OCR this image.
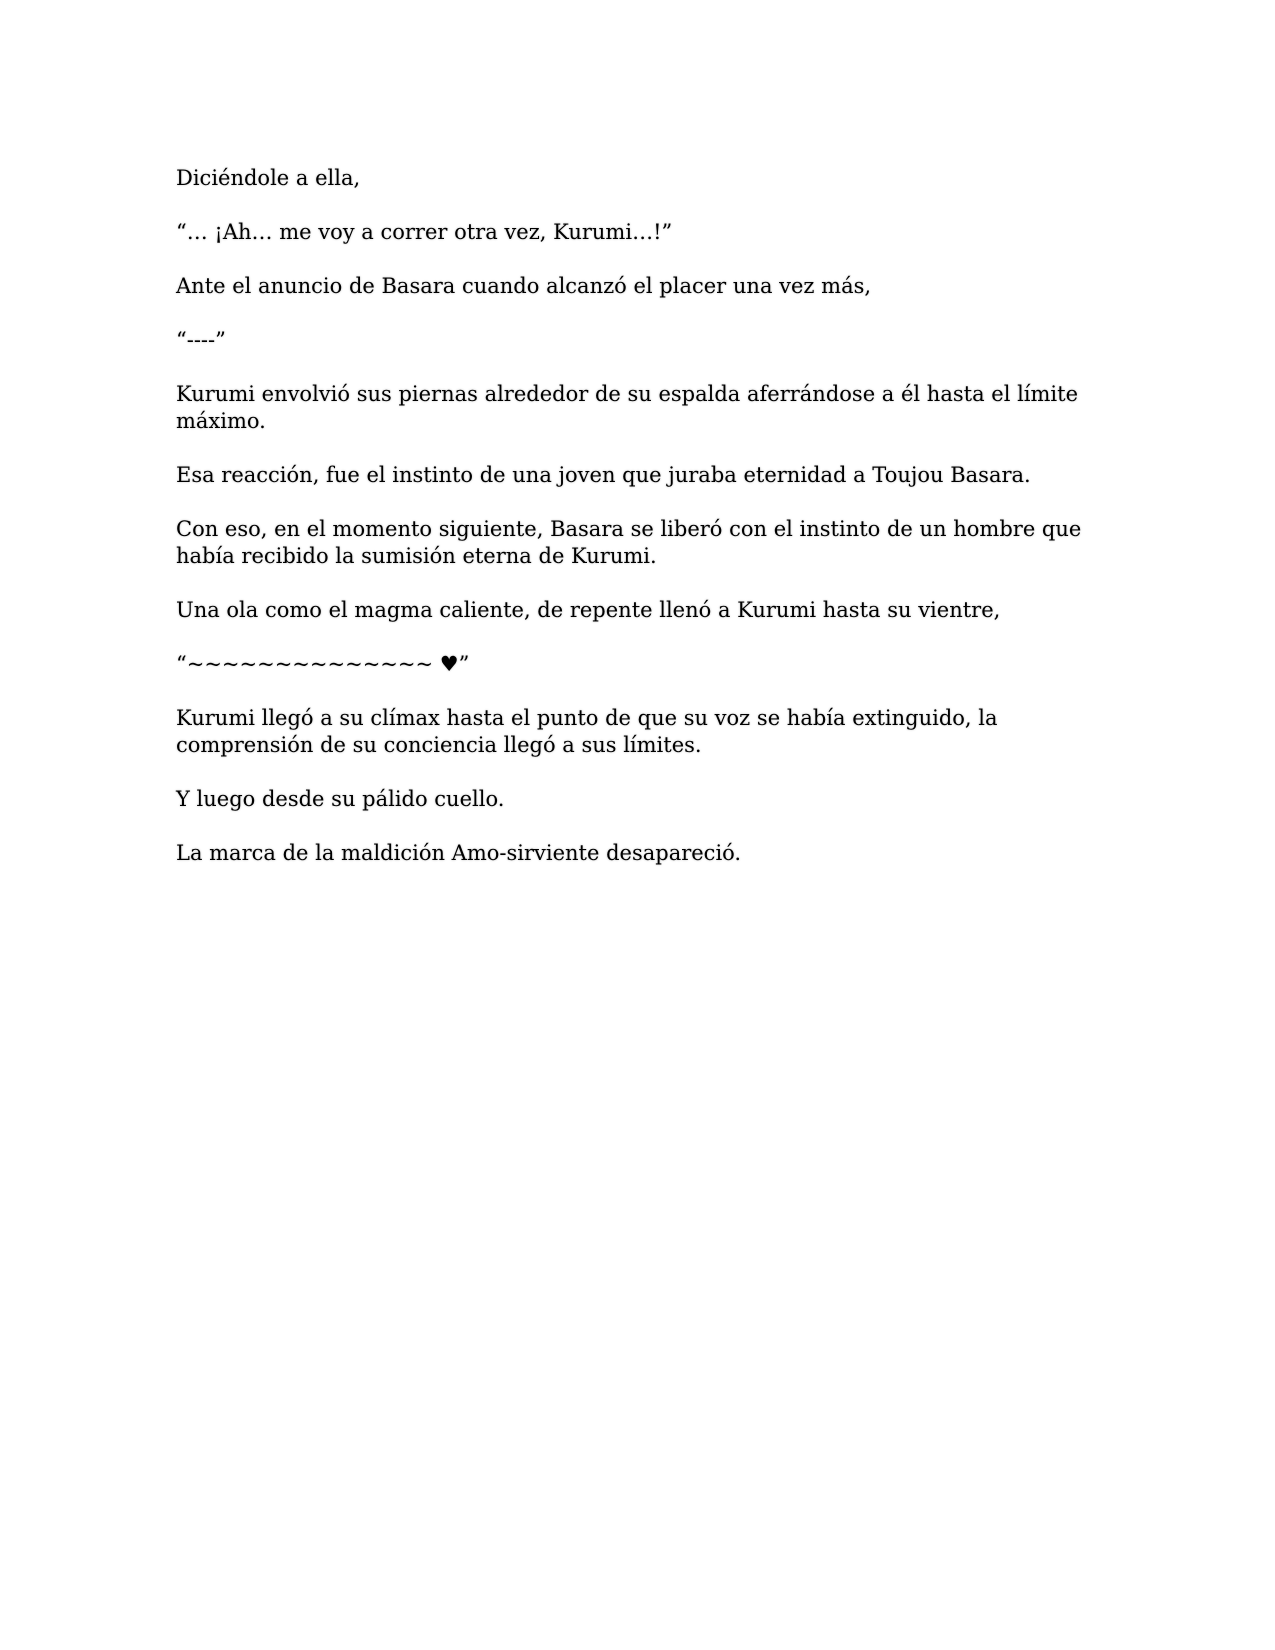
Diciéndole a ella,

“… ¡Ah… me voy a correr otra vez, Kurumi…!”

Ante el anuncio de Basara cuando alcanzó el placer una vez más,

“----”

Kurumi envolvió sus piernas alrededor de su espalda aferrándose a él hasta el límite máximo.

Esa reacción, fue el instinto de una joven que juraba eternidad a Toujou Basara.

Con eso, en el momento siguiente, Basara se liberó con el instinto de un hombre que había recibido la sumisión eterna de Kurumi.

Una ola como el magma caliente, de repente llenó a Kurumi hasta su vientre,

“~~~~~~~~~~~~~~ ♥”

Kurumi llegó a su clímax hasta el punto de que su voz se había extinguido, la comprensión de su conciencia llegó a sus límites.

Y luego desde su pálido cuello.

La marca de la maldición Amo-sirviente desapareció.
